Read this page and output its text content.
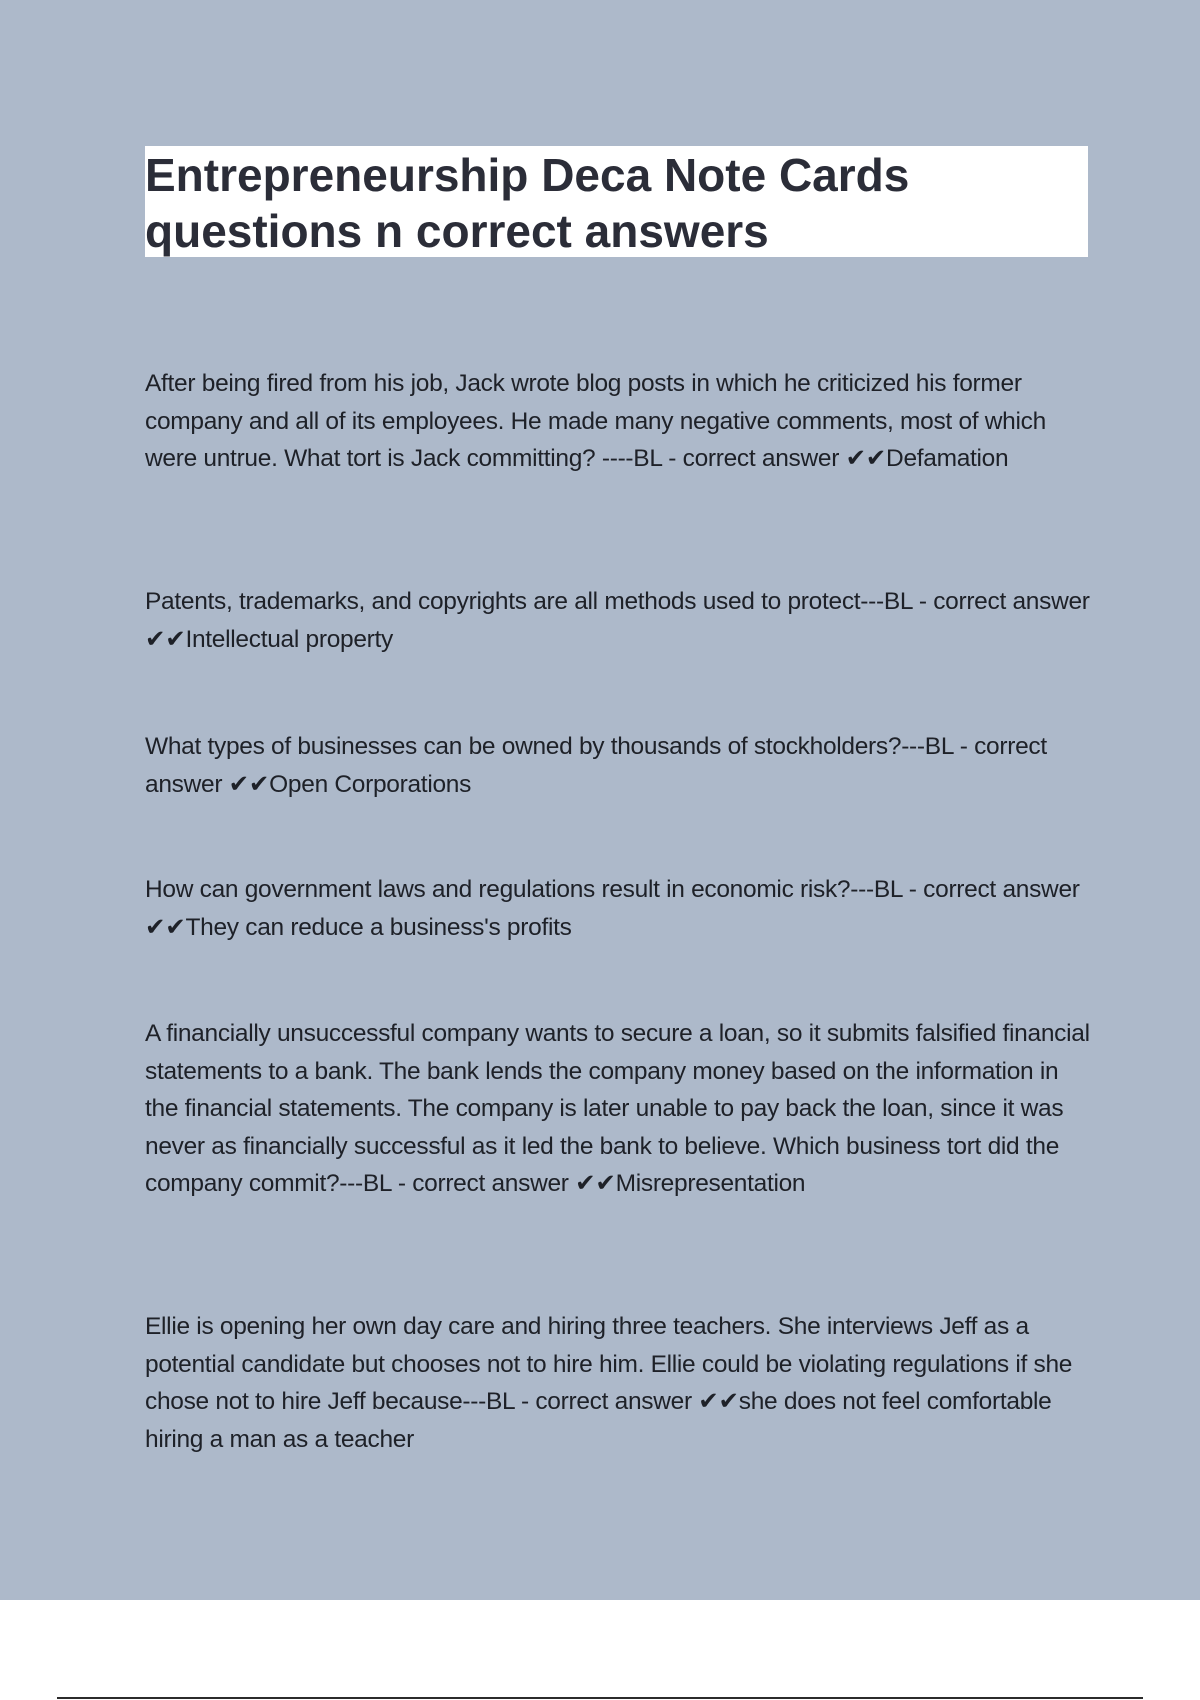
Entrepreneurship Deca Note Cards questions n correct answers

After being fired from his job, Jack wrote blog posts in which he criticized his former company and all of its employees. He made many negative comments, most of which were untrue. What tort is Jack committing? ----BL - correct answer ✔✔Defamation

Patents, trademarks, and copyrights are all methods used to protect---BL - correct answer ✔✔Intellectual property

What types of businesses can be owned by thousands of stockholders?---BL - correct answer ✔✔Open Corporations

How can government laws and regulations result in economic risk?---BL - correct answer ✔✔They can reduce a business's profits

A financially unsuccessful company wants to secure a loan, so it submits falsified financial statements to a bank. The bank lends the company money based on the information in the financial statements. The company is later unable to pay back the loan, since it was never as financially successful as it led the bank to believe. Which business tort did the company commit?---BL - correct answer ✔✔Misrepresentation

Ellie is opening her own day care and hiring three teachers. She interviews Jeff as a potential candidate but chooses not to hire him. Ellie could be violating regulations if she chose not to hire Jeff because---BL - correct answer ✔✔she does not feel comfortable hiring a man as a teacher
